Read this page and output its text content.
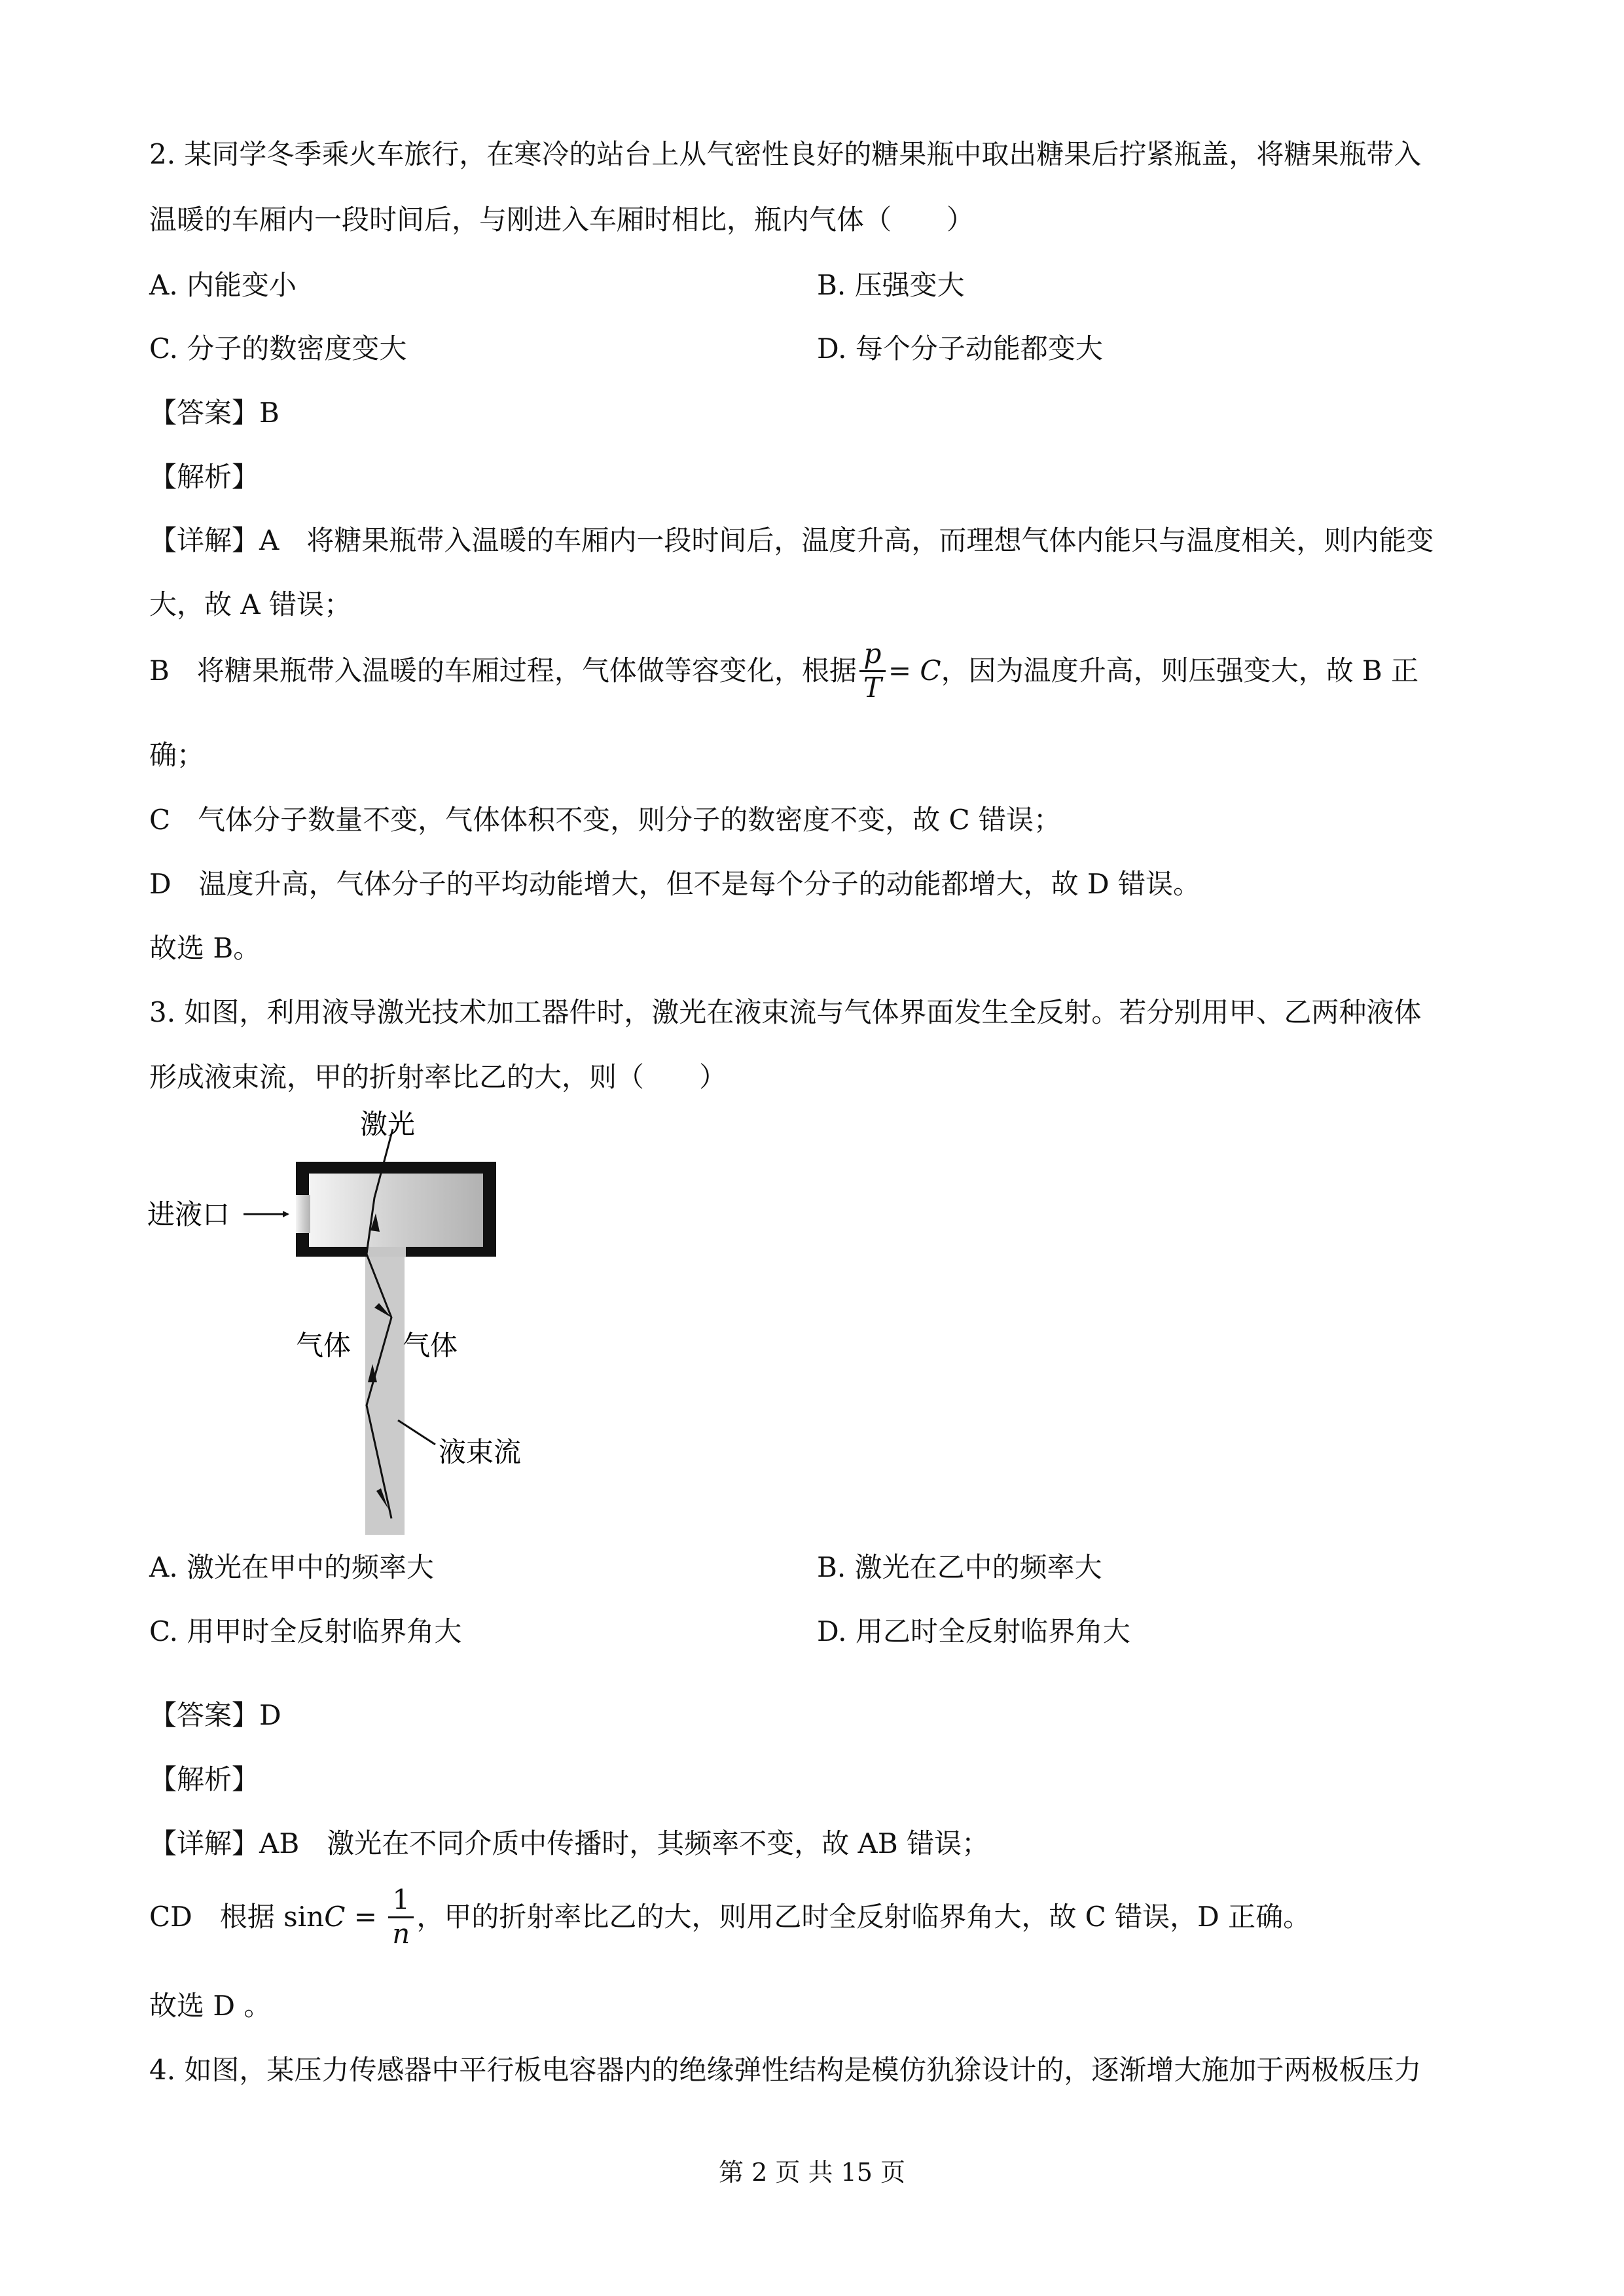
2. 某同学冬季乘火车旅行，在寒冷的站台上从气密性良好的糖果瓶中取出糖果后拧紧瓶盖，将糖果瓶带入
温暖的车厢内一段时间后，与刚进入车厢时相比，瓶内气体（　　）
A. 内能变小	B. 压强变大
C. 分子的数密度变大	D. 每个分子动能都变大
【答案】B
【解析】
【详解】A　将糖果瓶带入温暖的车厢内一段时间后，温度升高，而理想气体内能只与温度相关，则内能变
大，故 A 错误；
B　将糖果瓶带入温暖的车厢过程，气体做等容变化，根据 $\frac{p}{T} = C$ ，因为温度升高，则压强变大，故 B 正
确；
C　气体分子数量不变，气体体积不变，则分子的数密度不变，故 C 错误；
D　温度升高，气体分子的平均动能增大，但不是每个分子的动能都增大，故 D 错误。
故选 B。
3. 如图，利用液导激光技术加工器件时，激光在液束流与气体界面发生全反射。若分别用甲、乙两种液体
形成液束流，甲的折射率比乙的大，则（　　）
激光
进液口
气体 气体
液束流
A. 激光在甲中的频率大	B. 激光在乙中的频率大
C. 用甲时全反射临界角大	D. 用乙时全反射临界角大
【答案】D
【解析】
【详解】AB　激光在不同介质中传播时，其频率不变，故 AB 错误；
CD　根据 $\sin C = \frac{1}{n}$ ，甲的折射率比乙的大，则用乙时全反射临界角大，故 C 错误，D 正确。
故选 D 。
4. 如图，某压力传感器中平行板电容器内的绝缘弹性结构是模仿犰狳设计的，逐渐增大施加于两极板压力
第 2 页 共 15 页
